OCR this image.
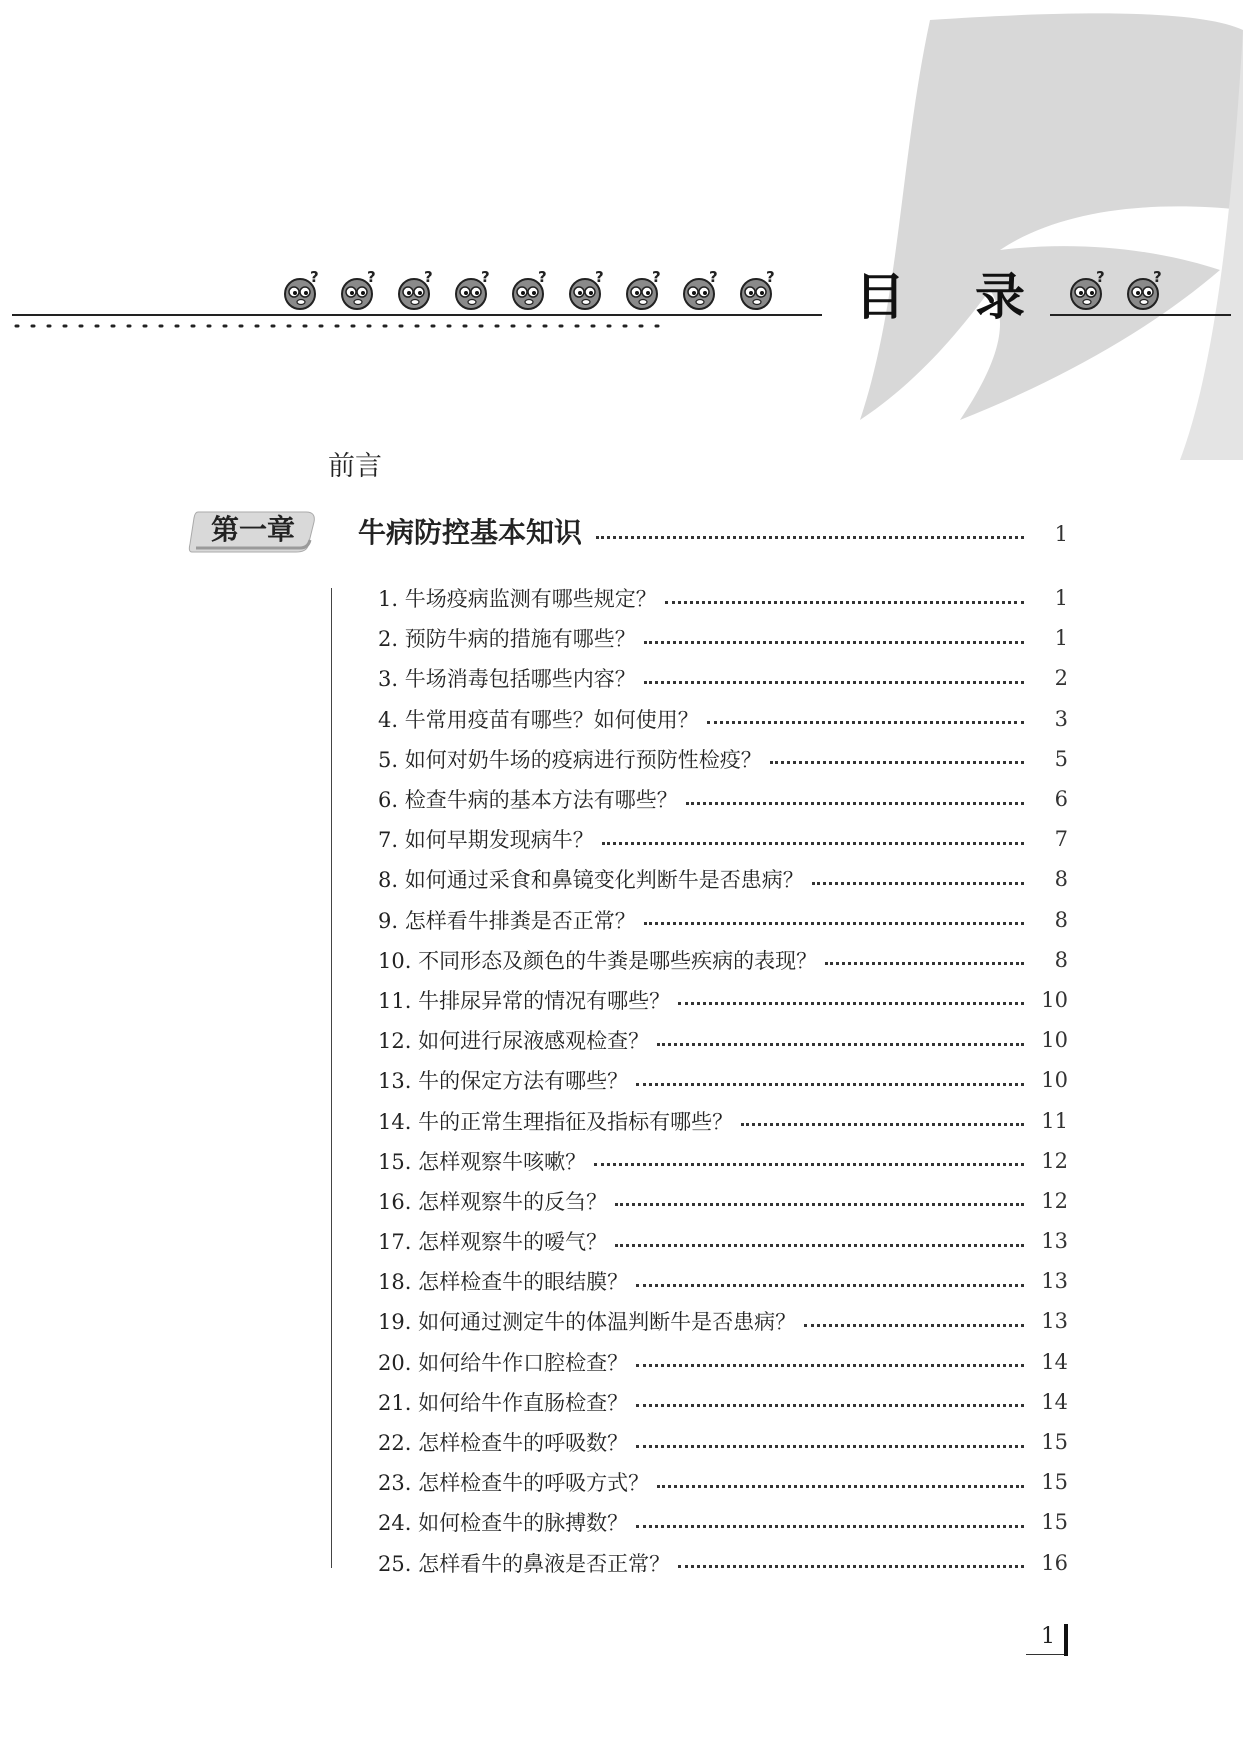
目 录
前言
第一章	牛病防控基本知识	1
1. 牛场疫病监测有哪些规定？	1
2. 预防牛病的措施有哪些？	1
3. 牛场消毒包括哪些内容？	2
4. 牛常用疫苗有哪些？如何使用？	3
5. 如何对奶牛场的疫病进行预防性检疫？	5
6. 检查牛病的基本方法有哪些？	6
7. 如何早期发现病牛？	7
8. 如何通过采食和鼻镜变化判断牛是否患病？	8
9. 怎样看牛排粪是否正常？	8
10. 不同形态及颜色的牛粪是哪些疾病的表现？	8
11. 牛排尿异常的情况有哪些？	10
12. 如何进行尿液感观检查？	10
13. 牛的保定方法有哪些？	10
14. 牛的正常生理指征及指标有哪些？	11
15. 怎样观察牛咳嗽？	12
16. 怎样观察牛的反刍？	12
17. 怎样观察牛的嗳气？	13
18. 怎样检查牛的眼结膜？	13
19. 如何通过测定牛的体温判断牛是否患病？	13
20. 如何给牛作口腔检查？	14
21. 如何给牛作直肠检查？	14
22. 怎样检查牛的呼吸数？	15
23. 怎样检查牛的呼吸方式？	15
24. 如何检查牛的脉搏数？	15
25. 怎样看牛的鼻液是否正常？	16
1
